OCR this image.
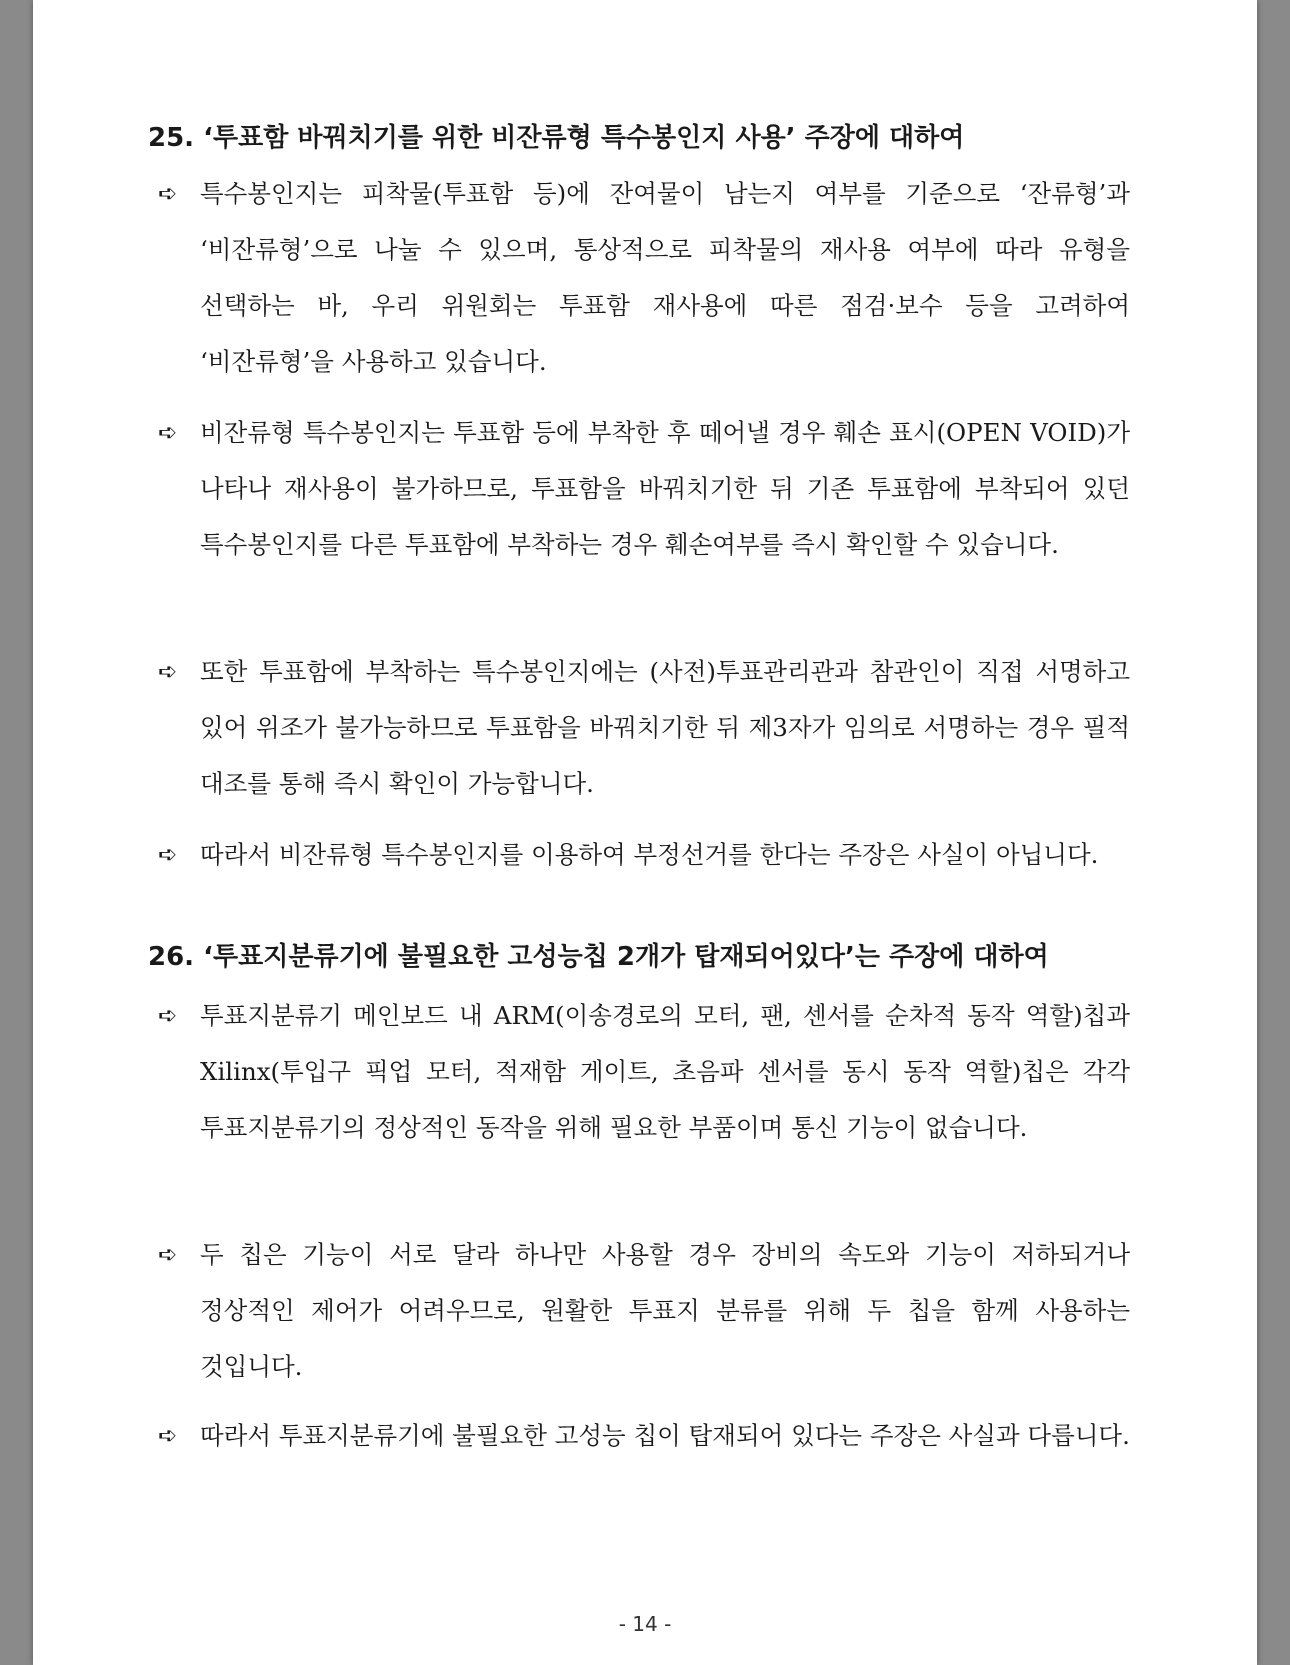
25. ‘투표함 바꿔치기를 위한 비잔류형 특수봉인지 사용’ 주장에 대하여
➪ 특수봉인지는 피착물(투표함 등)에 잔여물이 남는지 여부를 기준으로 ‘잔류형’과 ‘비잔류형’으로 나눌 수 있으며, 통상적으로 피착물의 재사용 여부에 따라 유형을 선택하는 바, 우리 위원회는 투표함 재사용에 따른 점검·보수 등을 고려하여 ‘비잔류형’을 사용하고 있습니다.
➪ 비잔류형 특수봉인지는 투표함 등에 부착한 후 떼어낼 경우 훼손 표시(OPEN VOID)가 나타나 재사용이 불가하므로, 투표함을 바꿔치기한 뒤 기존 투표함에 부착되어 있던 특수봉인지를 다른 투표함에 부착하는 경우 훼손여부를 즉시 확인할 수 있습니다.
➪ 또한 투표함에 부착하는 특수봉인지에는 (사전)투표관리관과 참관인이 직접 서명하고 있어 위조가 불가능하므로 투표함을 바꿔치기한 뒤 제3자가 임의로 서명하는 경우 필적 대조를 통해 즉시 확인이 가능합니다.
➪ 따라서 비잔류형 특수봉인지를 이용하여 부정선거를 한다는 주장은 사실이 아닙니다.
26. ‘투표지분류기에 불필요한 고성능칩 2개가 탑재되어있다’는 주장에 대하여
➪ 투표지분류기 메인보드 내 ARM(이송경로의 모터, 팬, 센서를 순차적 동작 역할)칩과 Xilinx(투입구 픽업 모터, 적재함 게이트, 초음파 센서를 동시 동작 역할)칩은 각각 투표지분류기의 정상적인 동작을 위해 필요한 부품이며 통신 기능이 없습니다.
➪ 두 칩은 기능이 서로 달라 하나만 사용할 경우 장비의 속도와 기능이 저하되거나 정상적인 제어가 어려우므로, 원활한 투표지 분류를 위해 두 칩을 함께 사용하는 것입니다.
➪ 따라서 투표지분류기에 불필요한 고성능 칩이 탑재되어 있다는 주장은 사실과 다릅니다.
- 14 -
